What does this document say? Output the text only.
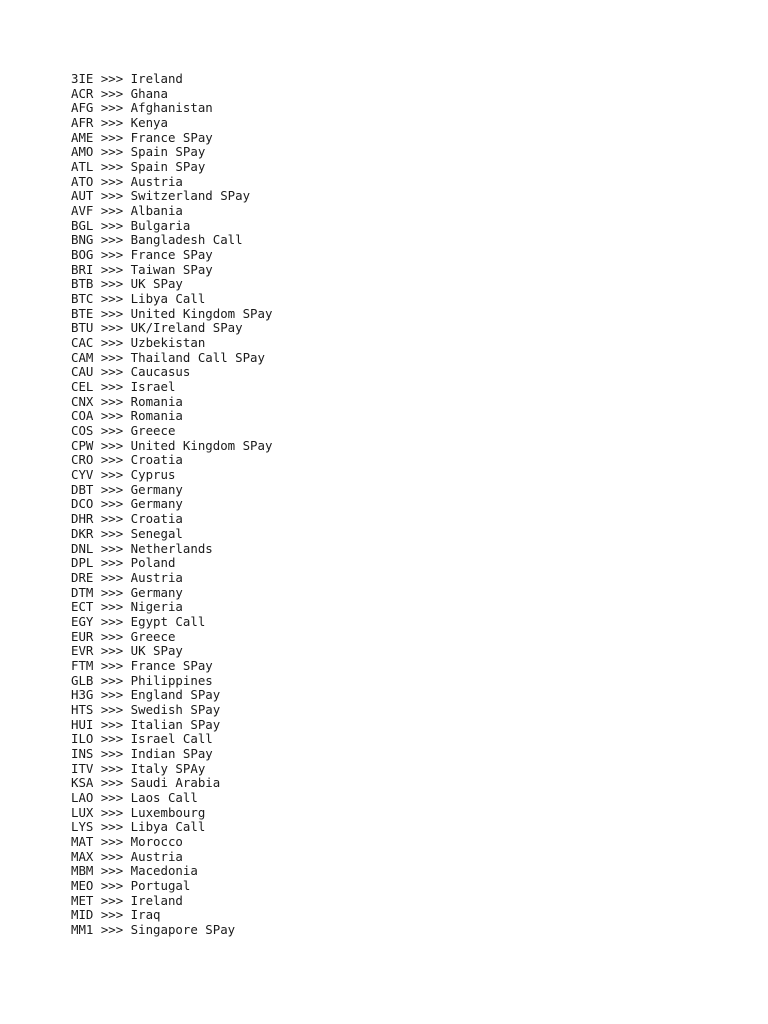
3IE >>> Ireland
ACR >>> Ghana
AFG >>> Afghanistan
AFR >>> Kenya
AME >>> France SPay
AMO >>> Spain SPay
ATL >>> Spain SPay
ATO >>> Austria
AUT >>> Switzerland SPay
AVF >>> Albania
BGL >>> Bulgaria
BNG >>> Bangladesh Call
BOG >>> France SPay
BRI >>> Taiwan SPay
BTB >>> UK SPay
BTC >>> Libya Call
BTE >>> United Kingdom SPay
BTU >>> UK/Ireland SPay
CAC >>> Uzbekistan
CAM >>> Thailand Call SPay
CAU >>> Caucasus
CEL >>> Israel
CNX >>> Romania
COA >>> Romania
COS >>> Greece
CPW >>> United Kingdom SPay
CRO >>> Croatia
CYV >>> Cyprus
DBT >>> Germany
DCO >>> Germany
DHR >>> Croatia
DKR >>> Senegal
DNL >>> Netherlands
DPL >>> Poland
DRE >>> Austria
DTM >>> Germany
ECT >>> Nigeria
EGY >>> Egypt Call
EUR >>> Greece
EVR >>> UK SPay
FTM >>> France SPay
GLB >>> Philippines
H3G >>> England SPay
HTS >>> Swedish SPay
HUI >>> Italian SPay
ILO >>> Israel Call
INS >>> Indian SPay
ITV >>> Italy SPAy
KSA >>> Saudi Arabia
LAO >>> Laos Call
LUX >>> Luxembourg
LYS >>> Libya Call
MAT >>> Morocco
MAX >>> Austria
MBM >>> Macedonia
MEO >>> Portugal
MET >>> Ireland
MID >>> Iraq
MM1 >>> Singapore SPay
